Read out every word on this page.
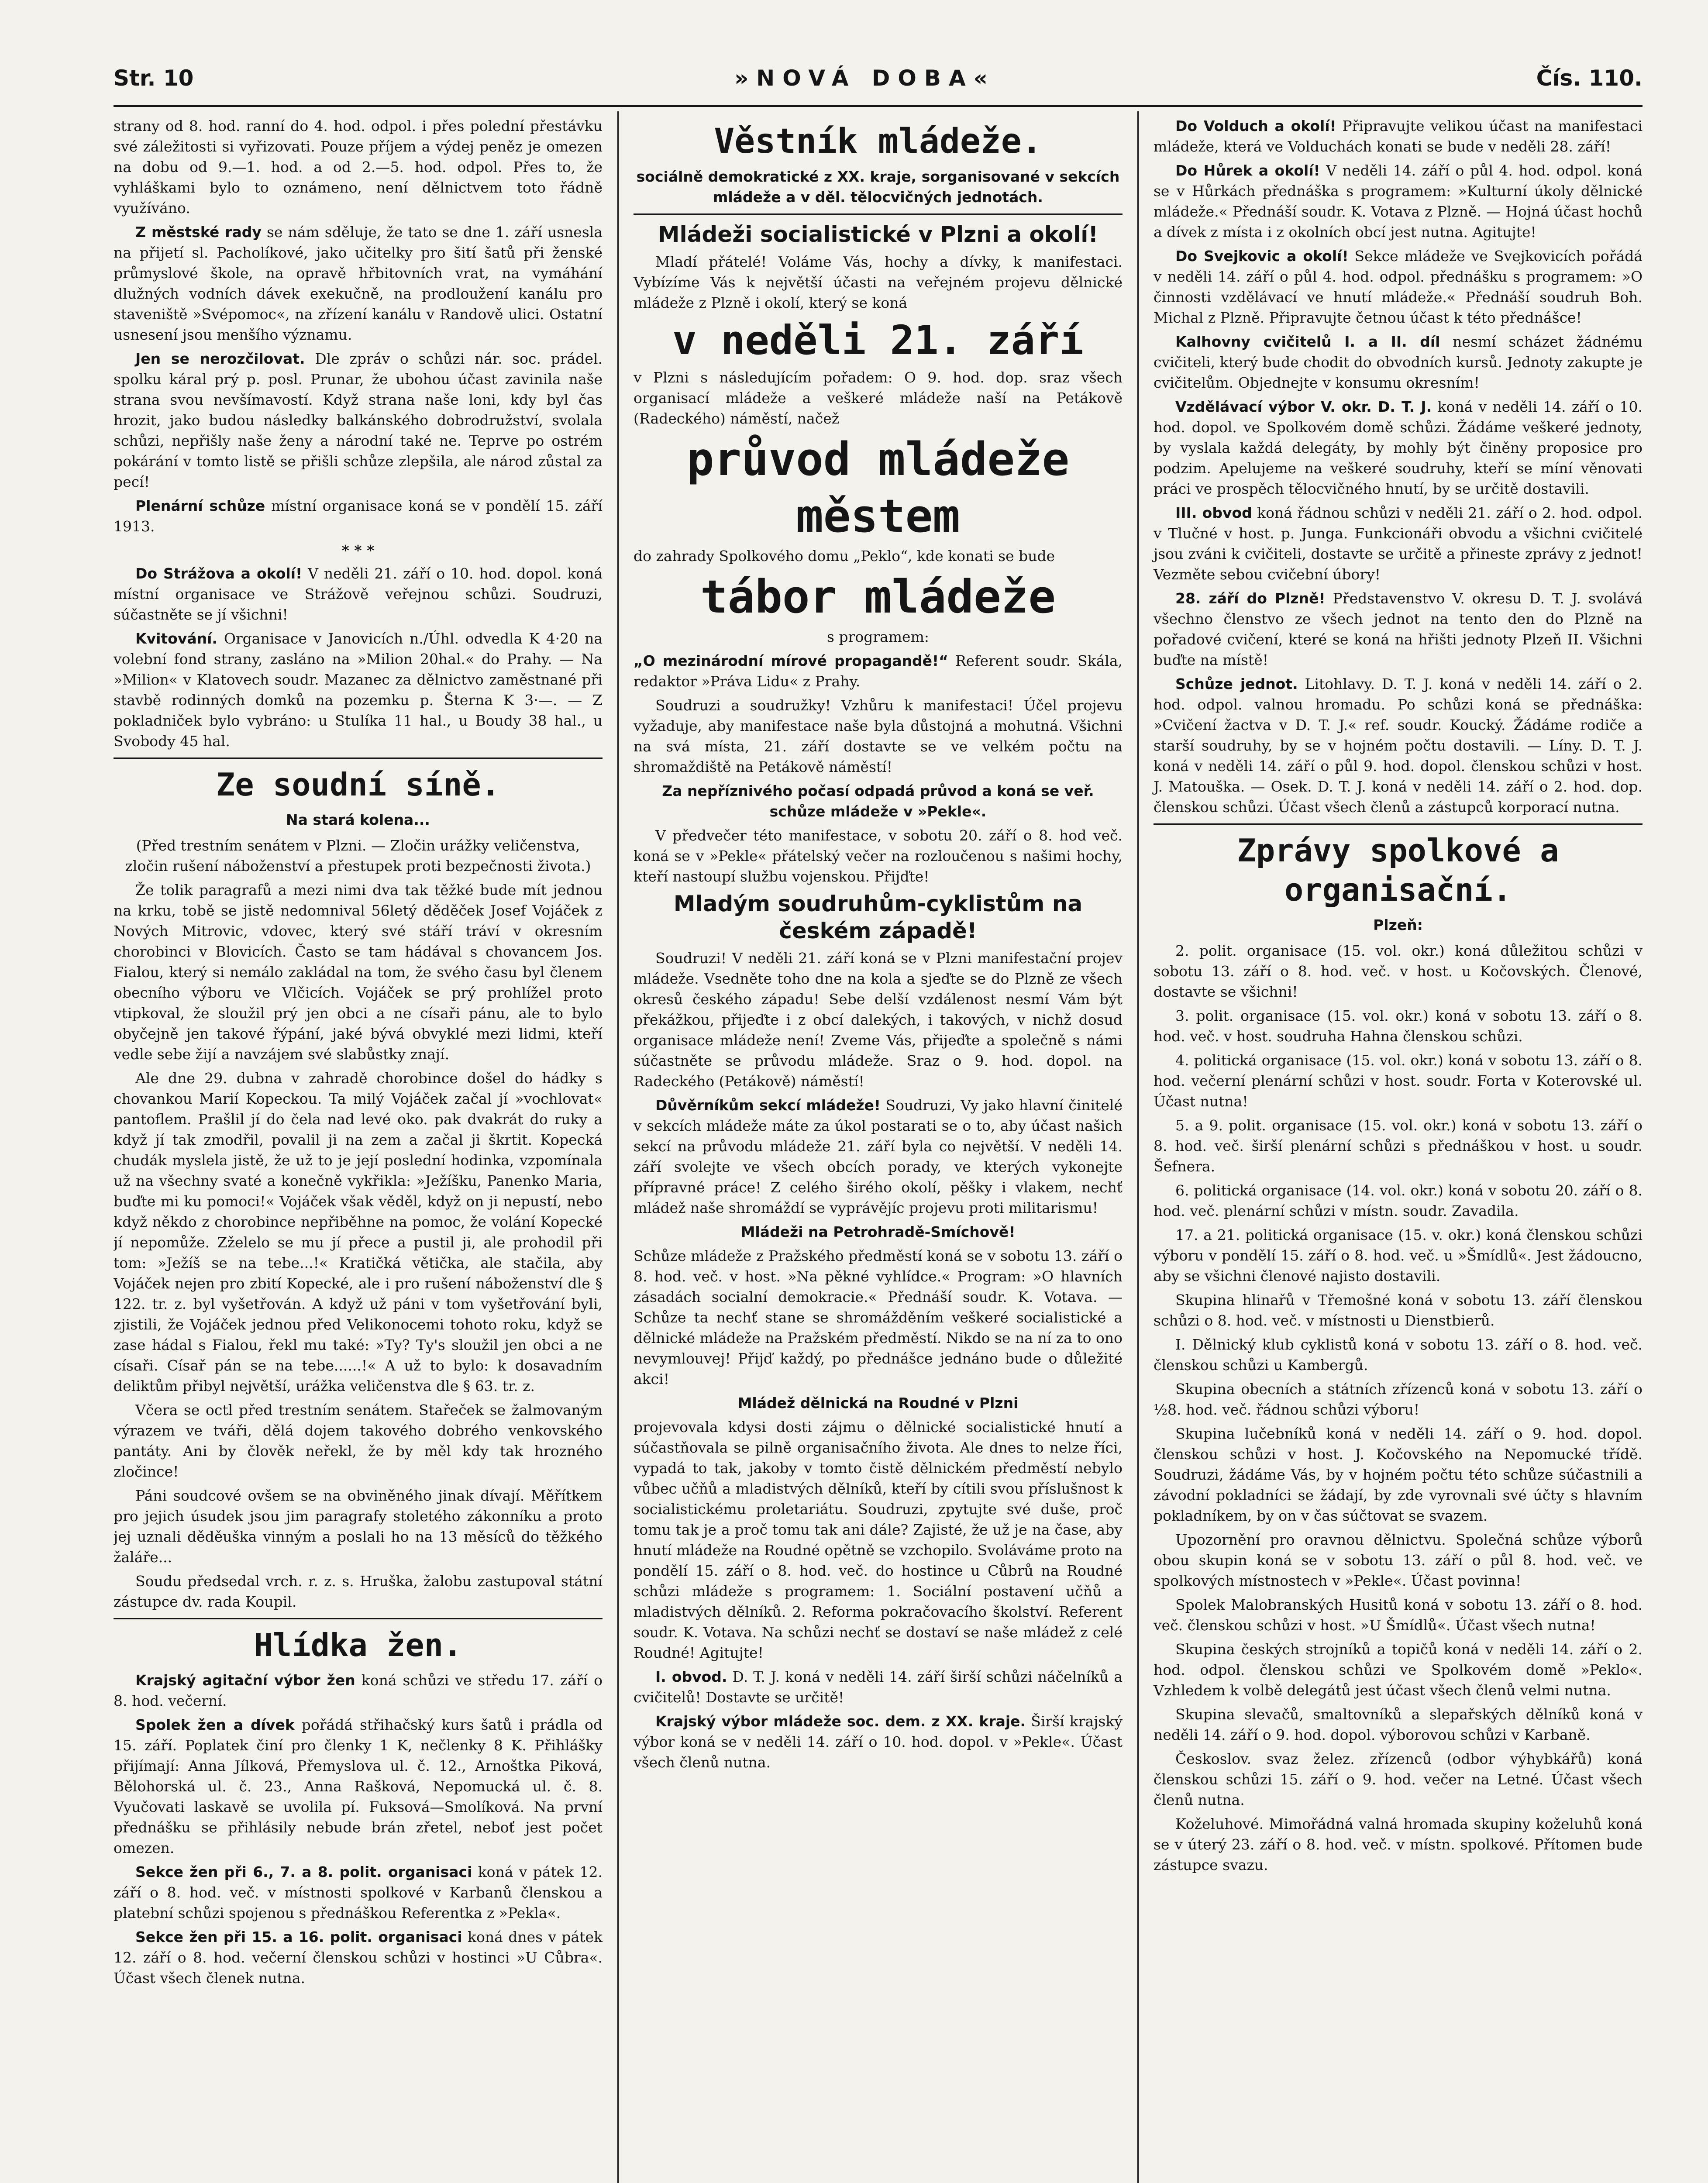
Str. 10	»NOVÁ DOBA«	Čís. 110.

strany od 8. hod. ranní do 4. hod. odpol. i přes polední přestávku své záležitosti si vyřizovati. Pouze příjem a výdej peněz je omezen na dobu od 9.—1. hod. a od 2.—5. hod. odpol. Přes to, že vyhláškami bylo to oznámeno, není dělnictvem toto řádně využíváno.

Z městské rady se nám sděluje, že tato se dne 1. září usnesla na přijetí sl. Pacholíkové, jako učitelky pro šití šatů při ženské průmyslové škole, na opravě hřbitovních vrat, na vymáhání dlužných vodních dávek exekučně, na prodloužení kanálu pro staveniště »Svépomoc«, na zřízení kanálu v Randově ulici. Ostatní usnesení jsou menšího významu.

Jen se nerozčilovat. Dle zpráv o schůzi nár. soc. prádel. spolku káral prý p. posl. Prunar, že ubohou účast zavinila naše strana svou nevšímavostí. Když strana naše loni, kdy byl čas hrozit, jako budou následky balkánského dobrodružství, svolala schůzi, nepřišly naše ženy a národní také ne. Teprve po ostrém pokárání v tomto listě se přišli schůze zlepšila, ale národ zůstal za pecí!

Plenární schůze místní organisace koná se v pondělí 15. září 1913.

* * *

Do Strážova a okolí! V neděli 21. září o 10. hod. dopol. koná místní organisace ve Strážově veřejnou schůzi. Soudruzi, súčastněte se jí všichni!

Kvitování. Organisace v Janovicích n./Úhl. odvedla K 4·20 na volební fond strany, zasláno na »Milion 20hal.« do Prahy. — Na »Milion« v Klatovech soudr. Mazanec za dělnictvo zaměstnané při stavbě rodinných domků na pozemku p. Šterna K 3·—. — Z pokladniček bylo vybráno: u Stulíka 11 hal., u Boudy 38 hal., u Svobody 45 hal.

Ze soudní síně.
Na stará kolena...

(Před trestním senátem v Plzni. — Zločin urážky veličenstva, zločin rušení náboženství a přestupek proti bezpečnosti života.)

Že tolik paragrafů a mezi nimi dva tak těžké bude mít jednou na krku, tobě se jistě nedomnival 56letý děděček Josef Vojáček z Nových Mitrovic, vdovec, který své stáří tráví v okresním chorobinci v Blovicích. Často se tam hádával s chovancem Jos. Fialou, který si nemálo zakládal na tom, že svého času byl členem obecního výboru ve Vlčicích. Vojáček se prý prohlížel proto vtipkoval, že sloužil prý jen obci a ne císaři pánu, ale to bylo obyčejně jen takové řýpání, jaké bývá obvyklé mezi lidmi, kteří vedle sebe žijí a navzájem své slabůstky znají.

Ale dne 29. dubna v zahradě chorobince došel do hádky s chovankou Marií Kopeckou. Ta milý Vojáček začal jí »vochlovat« pantoflem. Prašlil jí do čela nad levé oko. pak dvakrát do ruky a když jí tak zmodřil, povalil ji na zem a začal ji škrtit. Kopecká chudák myslela jistě, že už to je její poslední hodinka, vzpomínala už na všechny svaté a konečně vykřikla: »Ježíšku, Panenko Maria, buďte mi ku pomoci!« Vojáček však věděl, když on ji nepustí, nebo když někdo z chorobince nepřiběhne na pomoc, že volání Kopecké jí nepomůže. Zželelo se mu jí přece a pustil ji, ale prohodil při tom: »Ježíš se na tebe...!« Kratičká větička, ale stačila, aby Vojáček nejen pro zbití Kopecké, ale i pro rušení náboženství dle § 122. tr. z. byl vyšetřován. A když už páni v tom vyšetřování byli, zjistili, že Vojáček jednou před Velikonocemi tohoto roku, když se zase hádal s Fialou, řekl mu také: »Ty? Ty's sloužil jen obci a ne císaři. Císař pán se na tebe......!« A už to bylo: k dosavadním deliktům přibyl největší, urážka veličenstva dle § 63. tr. z.

Včera se octl před trestním senátem. Stařeček se žalmovaným výrazem ve tváři, dělá dojem takového dobrého venkovského pantáty. Ani by člověk neřekl, že by měl kdy tak hrozného zločince!

Páni soudcové ovšem se na obviněného jinak dívají. Měřítkem pro jejich úsudek jsou jim paragrafy stoletého zákonníku a proto jej uznali děděuška vinným a poslali ho na 13 měsíců do těžkého žaláře...

Soudu předsedal vrch. r. z. s. Hruška, žalobu zastupoval státní zástupce dv. rada Koupil.

Hlídka žen.

Krajský agitační výbor žen koná schůzi ve středu 17. září o 8. hod. večerní.

Spolek žen a dívek pořádá střihačský kurs šatů i prádla od 15. září. Poplatek činí pro členky 1 K, nečlenky 8 K. Přihlášky přijímají: Anna Jílková, Přemyslova ul. č. 12., Arnoštka Piková, Bělohorská ul. č. 23., Anna Rašková, Nepomucká ul. č. 8. Vyučovati laskavě se uvolila pí. Fuksová—Smolíková. Na první přednášku se přihlásily nebude brán zřetel, neboť jest počet omezen.

Sekce žen při 6., 7. a 8. polit. organisaci koná v pátek 12. září o 8. hod. več. v místnosti spolkové v Karbanů členskou a platební schůzi spojenou s přednáškou Referentka z »Pekla«.

Sekce žen při 15. a 16. polit. organisaci koná dnes v pátek 12. září o 8. hod. večerní členskou schůzi v hostinci »U Cůbra«. Účast všech členek nutna.

Věstník mládeže.
sociálně demokratické z XX. kraje, sorganisované v sekcích mládeže a v děl. tělocvičných jednotách.
Mládeži socialistické v Plzni a okolí!

Mladí přátelé! Voláme Vás, hochy a dívky, k manifestaci. Vybízíme Vás k největší účasti na veřejném projevu dělnické mládeže z Plzně i okolí, který se koná

v neděli 21. září

v Plzni s následujícím pořadem: O 9. hod. dop. sraz všech organisací mládeže a veškeré mládeže naší na Petákově (Radeckého) náměstí, načež

průvod mládeže
městem

do zahrady Spolkového domu „Peklo“, kde konati se bude

tábor mládeže

s programem:

„O mezinárodní mírové propagandě!“ Referent soudr. Skála, redaktor »Práva Lidu« z Prahy.

Soudruzi a soudružky! Vzhůru k manifestaci! Účel projevu vyžaduje, aby manifestace naše byla důstojná a mohutná. Všichni na svá místa, 21. září dostavte se ve velkém počtu na shromaždiště na Petákově náměstí!

Za nepříznivého počasí odpadá průvod a koná se veř. schůze mládeže v »Pekle«.

V předvečer této manifestace, v sobotu 20. září o 8. hod več. koná se v »Pekle« přátelský večer na rozloučenou s našimi hochy, kteří nastoupí službu vojenskou. Přijďte!

Mladým soudruhům-cyklistům na českém západě!

Soudruzi! V neděli 21. září koná se v Plzni manifestační projev mládeže. Vsedněte toho dne na kola a sjeďte se do Plzně ze všech okresů českého západu! Sebe delší vzdálenost nesmí Vám být překážkou, přijeďte i z obcí dalekých, i takových, v nichž dosud organisace mládeže není! Zveme Vás, přijeďte a společně s námi súčastněte se průvodu mládeže. Sraz o 9. hod. dopol. na Radeckého (Petákově) náměstí!

Důvěrníkům sekcí mládeže! Soudruzi, Vy jako hlavní činitelé v sekcích mládeže máte za úkol postarati se o to, aby účast našich sekcí na průvodu mládeže 21. září byla co největší. V neděli 14. září svolejte ve všech obcích porady, ve kterých vykonejte přípravné práce! Z celého širého okolí, pěšky i vlakem, nechť mládež naše shromáždí se vyprávějíc projevu proti militarismu!

Mládeži na Petrohradě-Smíchově!

Schůze mládeže z Pražského předměstí koná se v sobotu 13. září o 8. hod. več. v host. »Na pěkné vyhlídce.« Program: »O hlavních zásadách socialní demokracie.« Přednáší soudr. K. Votava. — Schůze ta nechť stane se shromážděním veškeré socialistické a dělnické mládeže na Pražském předměstí. Nikdo se na ní za to ono nevymlouvej! Přijď každý, po přednášce jednáno bude o důležité akci!

Mládež dělnická na Roudné v Plzni

projevovala kdysi dosti zájmu o dělnické socialistické hnutí a súčastňovala se pilně organisačního života. Ale dnes to nelze říci, vypadá to tak, jakoby v tomto čistě dělnickém předměstí nebylo vůbec učňů a mladistvých dělníků, kteří by cítili svou příslušnost k socialistickému proletariátu. Soudruzi, zpytujte své duše, proč tomu tak je a proč tomu tak ani dále? Zajisté, že už je na čase, aby hnutí mládeže na Roudné opětně se vzchopilo. Svoláváme proto na pondělí 15. září o 8. hod. več. do hostince u Cůbrů na Roudné schůzi mládeže s programem: 1. Sociální postavení učňů a mladistvých dělníků. 2. Reforma pokračovacího školství. Referent soudr. K. Votava. Na schůzi nechť se dostaví se naše mládež z celé Roudné! Agitujte!

I. obvod. D. T. J. koná v neděli 14. září širší schůzi náčelníků a cvičitelů! Dostavte se určitě!

Krajský výbor mládeže soc. dem. z XX. kraje. Širší krajský výbor koná se v neděli 14. září o 10. hod. dopol. v »Pekle«. Účast všech členů nutna.

Do Volduch a okolí! Připravujte velikou účast na manifestaci mládeže, která ve Volduchách konati se bude v neděli 28. září!

Do Hůrek a okolí! V neděli 14. září o půl 4. hod. odpol. koná se v Hůrkách přednáška s programem: »Kulturní úkoly dělnické mládeže.« Přednáší soudr. K. Votava z Plzně. — Hojná účast hochů a dívek z místa i z okolních obcí jest nutna. Agitujte!

Do Svejkovic a okolí! Sekce mládeže ve Svejkovicích pořádá v neděli 14. září o půl 4. hod. odpol. přednášku s programem: »O činnosti vzdělávací ve hnutí mládeže.« Přednáší soudruh Boh. Michal z Plzně. Připravujte četnou účast k této přednášce!

Kalhovny cvičitelů I. a II. díl nesmí scházet žádnému cvičiteli, který bude chodit do obvodních kursů. Jednoty zakupte je cvičitelům. Objednejte v konsumu okresním!

Vzdělávací výbor V. okr. D. T. J. koná v neděli 14. září o 10. hod. dopol. ve Spolkovém domě schůzi. Žádáme veškeré jednoty, by vyslala každá delegáty, by mohly být činěny proposice pro podzim. Apelujeme na veškeré soudruhy, kteří se míní věnovati práci ve prospěch tělocvičného hnutí, by se určitě dostavili.

III. obvod koná řádnou schůzi v neděli 21. září o 2. hod. odpol. v Tlučné v host. p. Junga. Funkcionáři obvodu a všichni cvičitelé jsou zváni k cvičiteli, dostavte se určitě a přineste zprávy z jednot! Vezměte sebou cvičební úbory!

28. září do Plzně! Představenstvo V. okresu D. T. J. svolává všechno členstvo ze všech jednot na tento den do Plzně na pořadové cvičení, které se koná na hřišti jednoty Plzeň II. Všichni buďte na místě!

Schůze jednot. Litohlavy. D. T. J. koná v neděli 14. září o 2. hod. odpol. valnou hromadu. Po schůzi koná se přednáška: »Cvičení žactva v D. T. J.« ref. soudr. Koucký. Žádáme rodiče a starší soudruhy, by se v hojném počtu dostavili. — Líny. D. T. J. koná v neděli 14. září o půl 9. hod. dopol. členskou schůzi v host. J. Matouška. — Osek. D. T. J. koná v neděli 14. září o 2. hod. dop. členskou schůzi. Účast všech členů a zástupců korporací nutna.

Zprávy spolkové a organisační.
Plzeň:

2. polit. organisace (15. vol. okr.) koná důležitou schůzi v sobotu 13. září o 8. hod. več. v host. u Kočovských. Členové, dostavte se všichni!

3. polit. organisace (15. vol. okr.) koná v sobotu 13. září o 8. hod. več. v host. soudruha Hahna členskou schůzi.

4. politická organisace (15. vol. okr.) koná v sobotu 13. září o 8. hod. večerní plenární schůzi v host. soudr. Forta v Koterovské ul. Účast nutna!

5. a 9. polit. organisace (15. vol. okr.) koná v sobotu 13. září o 8. hod. več. širší plenární schůzi s přednáškou v host. u soudr. Šefnera.

6. politická organisace (14. vol. okr.) koná v sobotu 20. září o 8. hod. več. plenární schůzi v místn. soudr. Zavadila.

17. a 21. politická organisace (15. v. okr.) koná členskou schůzi výboru v pondělí 15. září o 8. hod. več. u »Šmídlů«. Jest žádoucno, aby se všichni členové najisto dostavili.

Skupina hlinařů v Třemošné koná v sobotu 13. září členskou schůzi o 8. hod. več. v místnosti u Dienstbierů.

I. Dělnický klub cyklistů koná v sobotu 13. září o 8. hod. več. členskou schůzi u Kambergů.

Skupina obecních a státních zřízenců koná v sobotu 13. září o ½8. hod. več. řádnou schůzi výboru!

Skupina lučebníků koná v neděli 14. září o 9. hod. dopol. členskou schůzi v host. J. Kočovského na Nepomucké třídě. Soudruzi, žádáme Vás, by v hojném počtu této schůze súčastnili a závodní pokladníci se žádají, by zde vyrovnali své účty s hlavním pokladníkem, by on v čas súčtovat se svazem.

Upozornění pro oravnou dělnictvu. Společná schůze výborů obou skupin koná se v sobotu 13. září o půl 8. hod. več. ve spolkových místnostech v »Pekle«. Účast povinna!

Spolek Malobranských Husitů koná v sobotu 13. září o 8. hod. več. členskou schůzi v host. »U Šmídlů«. Účast všech nutna!

Skupina českých strojníků a topičů koná v neděli 14. září o 2. hod. odpol. členskou schůzi ve Spolkovém domě »Peklo«. Vzhledem k volbě delegátů jest účast všech členů velmi nutna.

Skupina slevačů, smaltovníků a slepařských dělníků koná v neděli 14. září o 9. hod. dopol. výborovou schůzi v Karbaně.

Českoslov. svaz želez. zřízenců (odbor výhybkářů) koná členskou schůzi 15. září o 9. hod. večer na Letné. Účast všech členů nutna.

Koželuhové. Mimořádná valná hromada skupiny koželuhů koná se v úterý 23. září o 8. hod. več. v místn. spolkové. Přítomen bude zástupce svazu.
